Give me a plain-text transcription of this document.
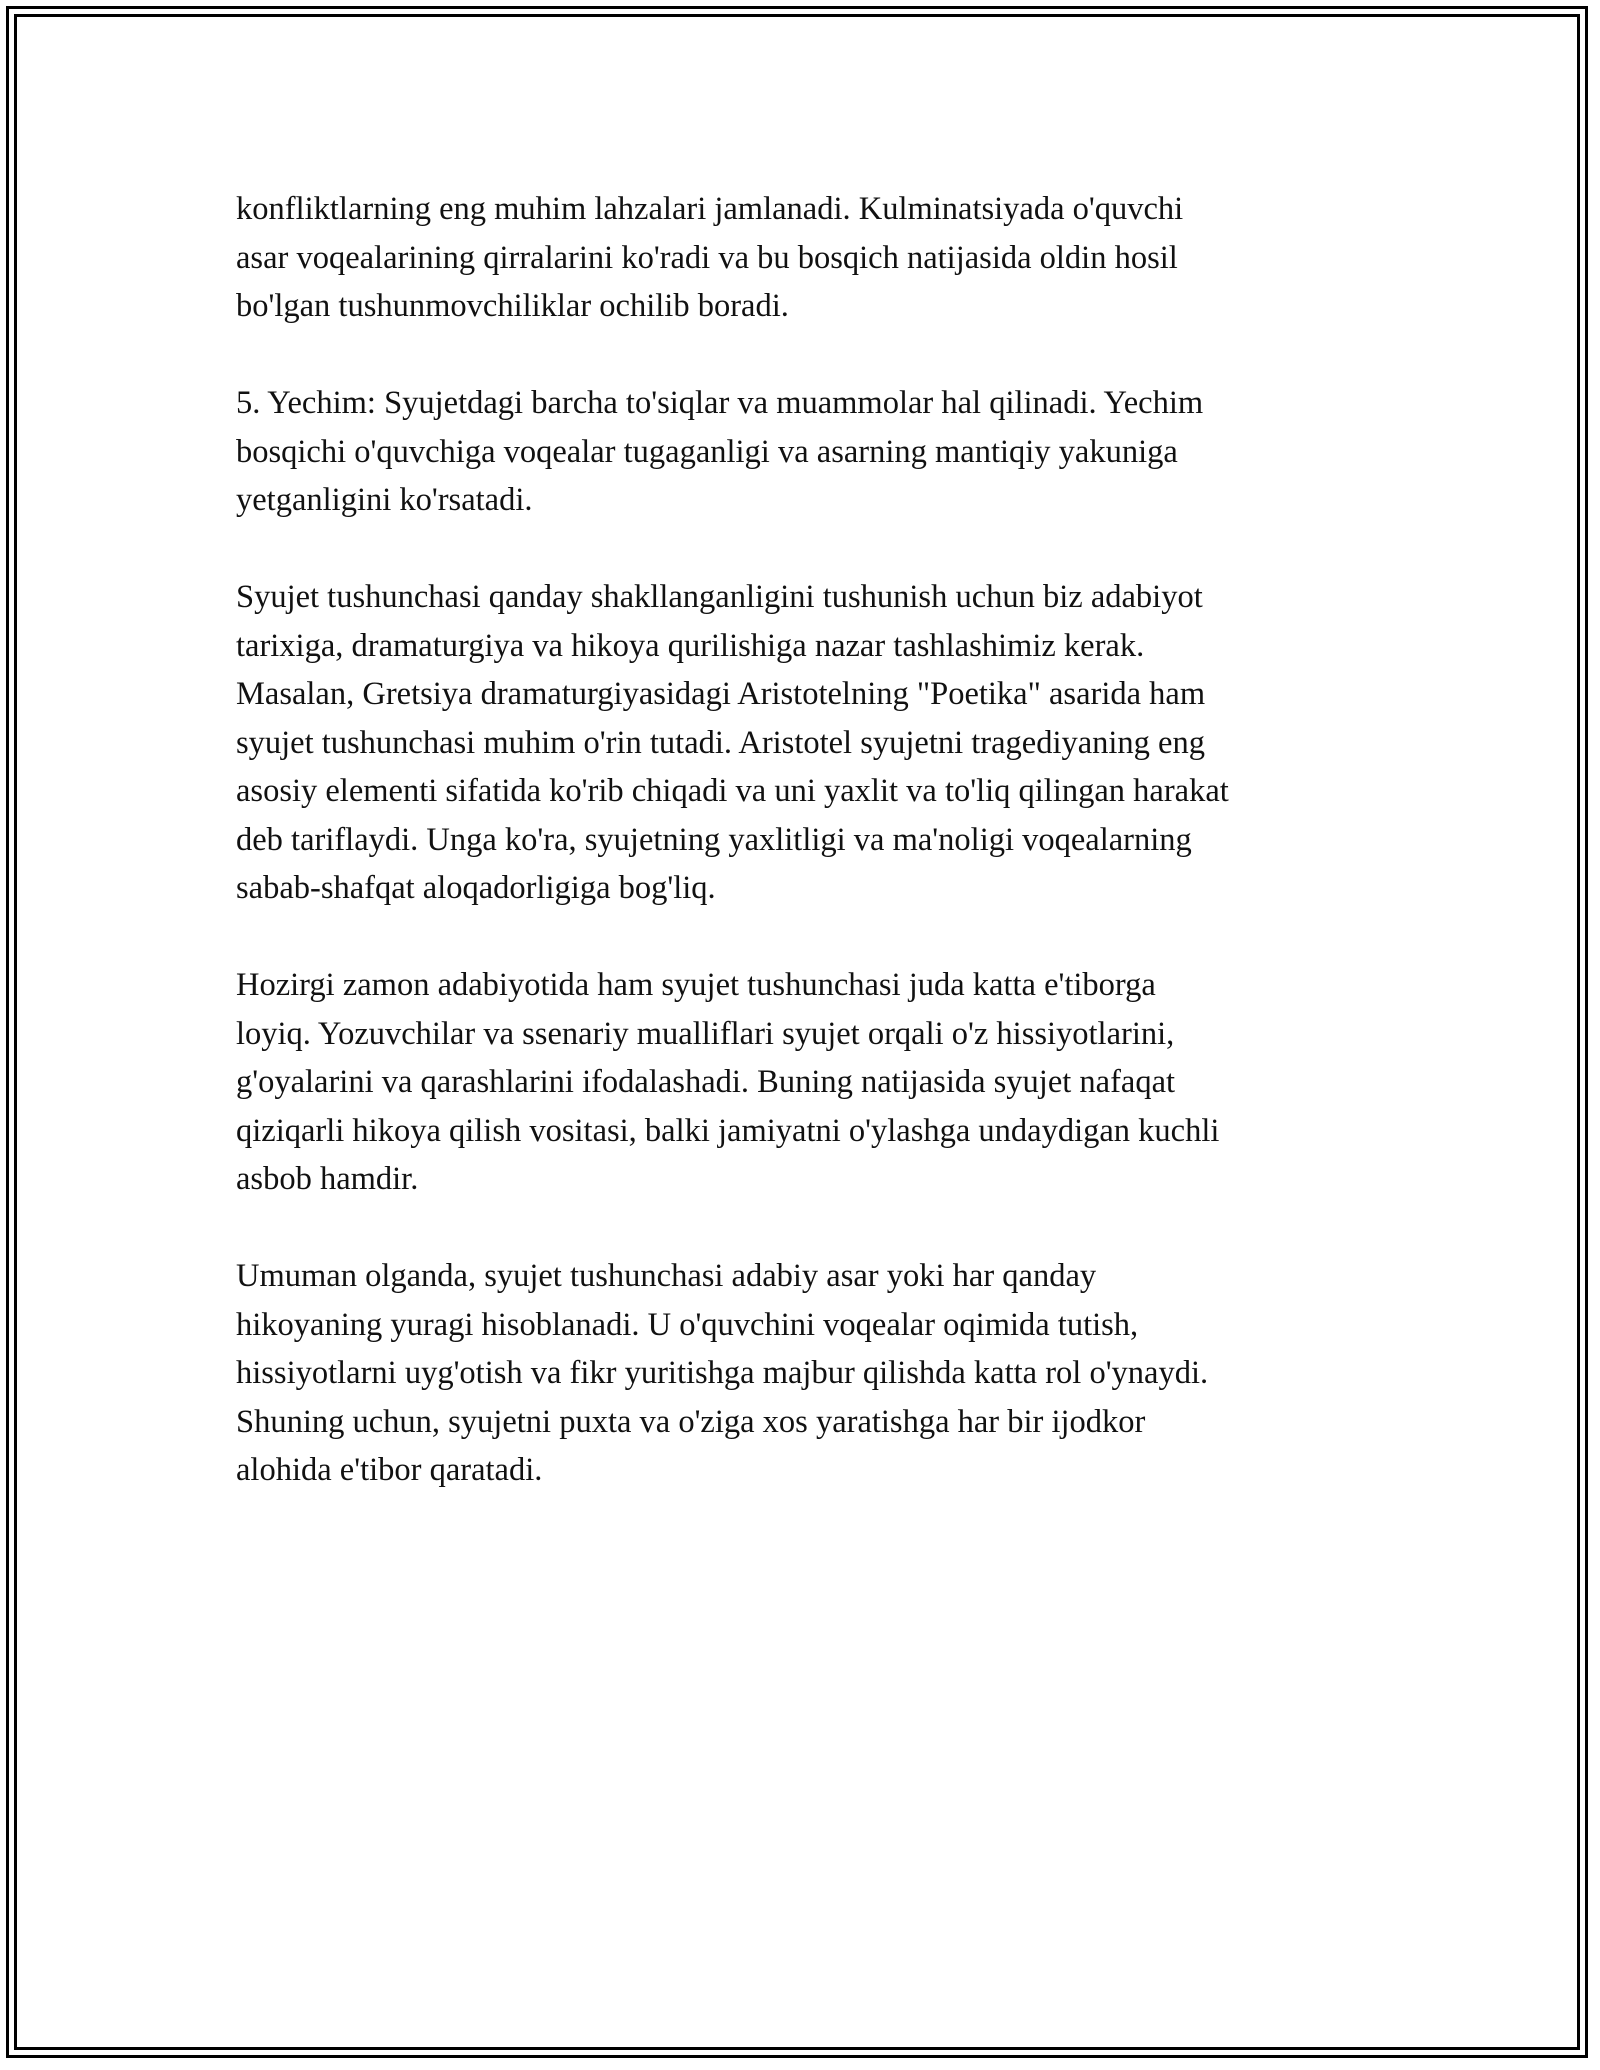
konfliktlarning eng muhim lahzalari jamlanadi. Kulminatsiyada o'quvchi
asar voqealarining qirralarini ko'radi va bu bosqich natijasida oldin hosil
bo'lgan tushunmovchiliklar ochilib boradi.

5. Yechim: Syujetdagi barcha to'siqlar va muammolar hal qilinadi. Yechim
bosqichi o'quvchiga voqealar tugaganligi va asarning mantiqiy yakuniga
yetganligini ko'rsatadi.

Syujet tushunchasi qanday shakllanganligini tushunish uchun biz adabiyot
tarixiga, dramaturgiya va hikoya qurilishiga nazar tashlashimiz kerak.
Masalan, Gretsiya dramaturgiyasidagi Aristotelning "Poetika" asarida ham
syujet tushunchasi muhim o'rin tutadi. Aristotel syujetni tragediyaning eng
asosiy elementi sifatida ko'rib chiqadi va uni yaxlit va to'liq qilingan harakat
deb tariflaydi. Unga ko'ra, syujetning yaxlitligi va ma'noligi voqealarning
sabab-shafqat aloqadorligiga bog'liq.

Hozirgi zamon adabiyotida ham syujet tushunchasi juda katta e'tiborga
loyiq. Yozuvchilar va ssenariy mualliflari syujet orqali o'z hissiyotlarini,
g'oyalarini va qarashlarini ifodalashadi. Buning natijasida syujet nafaqat
qiziqarli hikoya qilish vositasi, balki jamiyatni o'ylashga undaydigan kuchli
asbob hamdir.

Umuman olganda, syujet tushunchasi adabiy asar yoki har qanday
hikoyaning yuragi hisoblanadi. U o'quvchini voqealar oqimida tutish,
hissiyotlarni uyg'otish va fikr yuritishga majbur qilishda katta rol o'ynaydi.
Shuning uchun, syujetni puxta va o'ziga xos yaratishga har bir ijodkor
alohida e'tibor qaratadi.
